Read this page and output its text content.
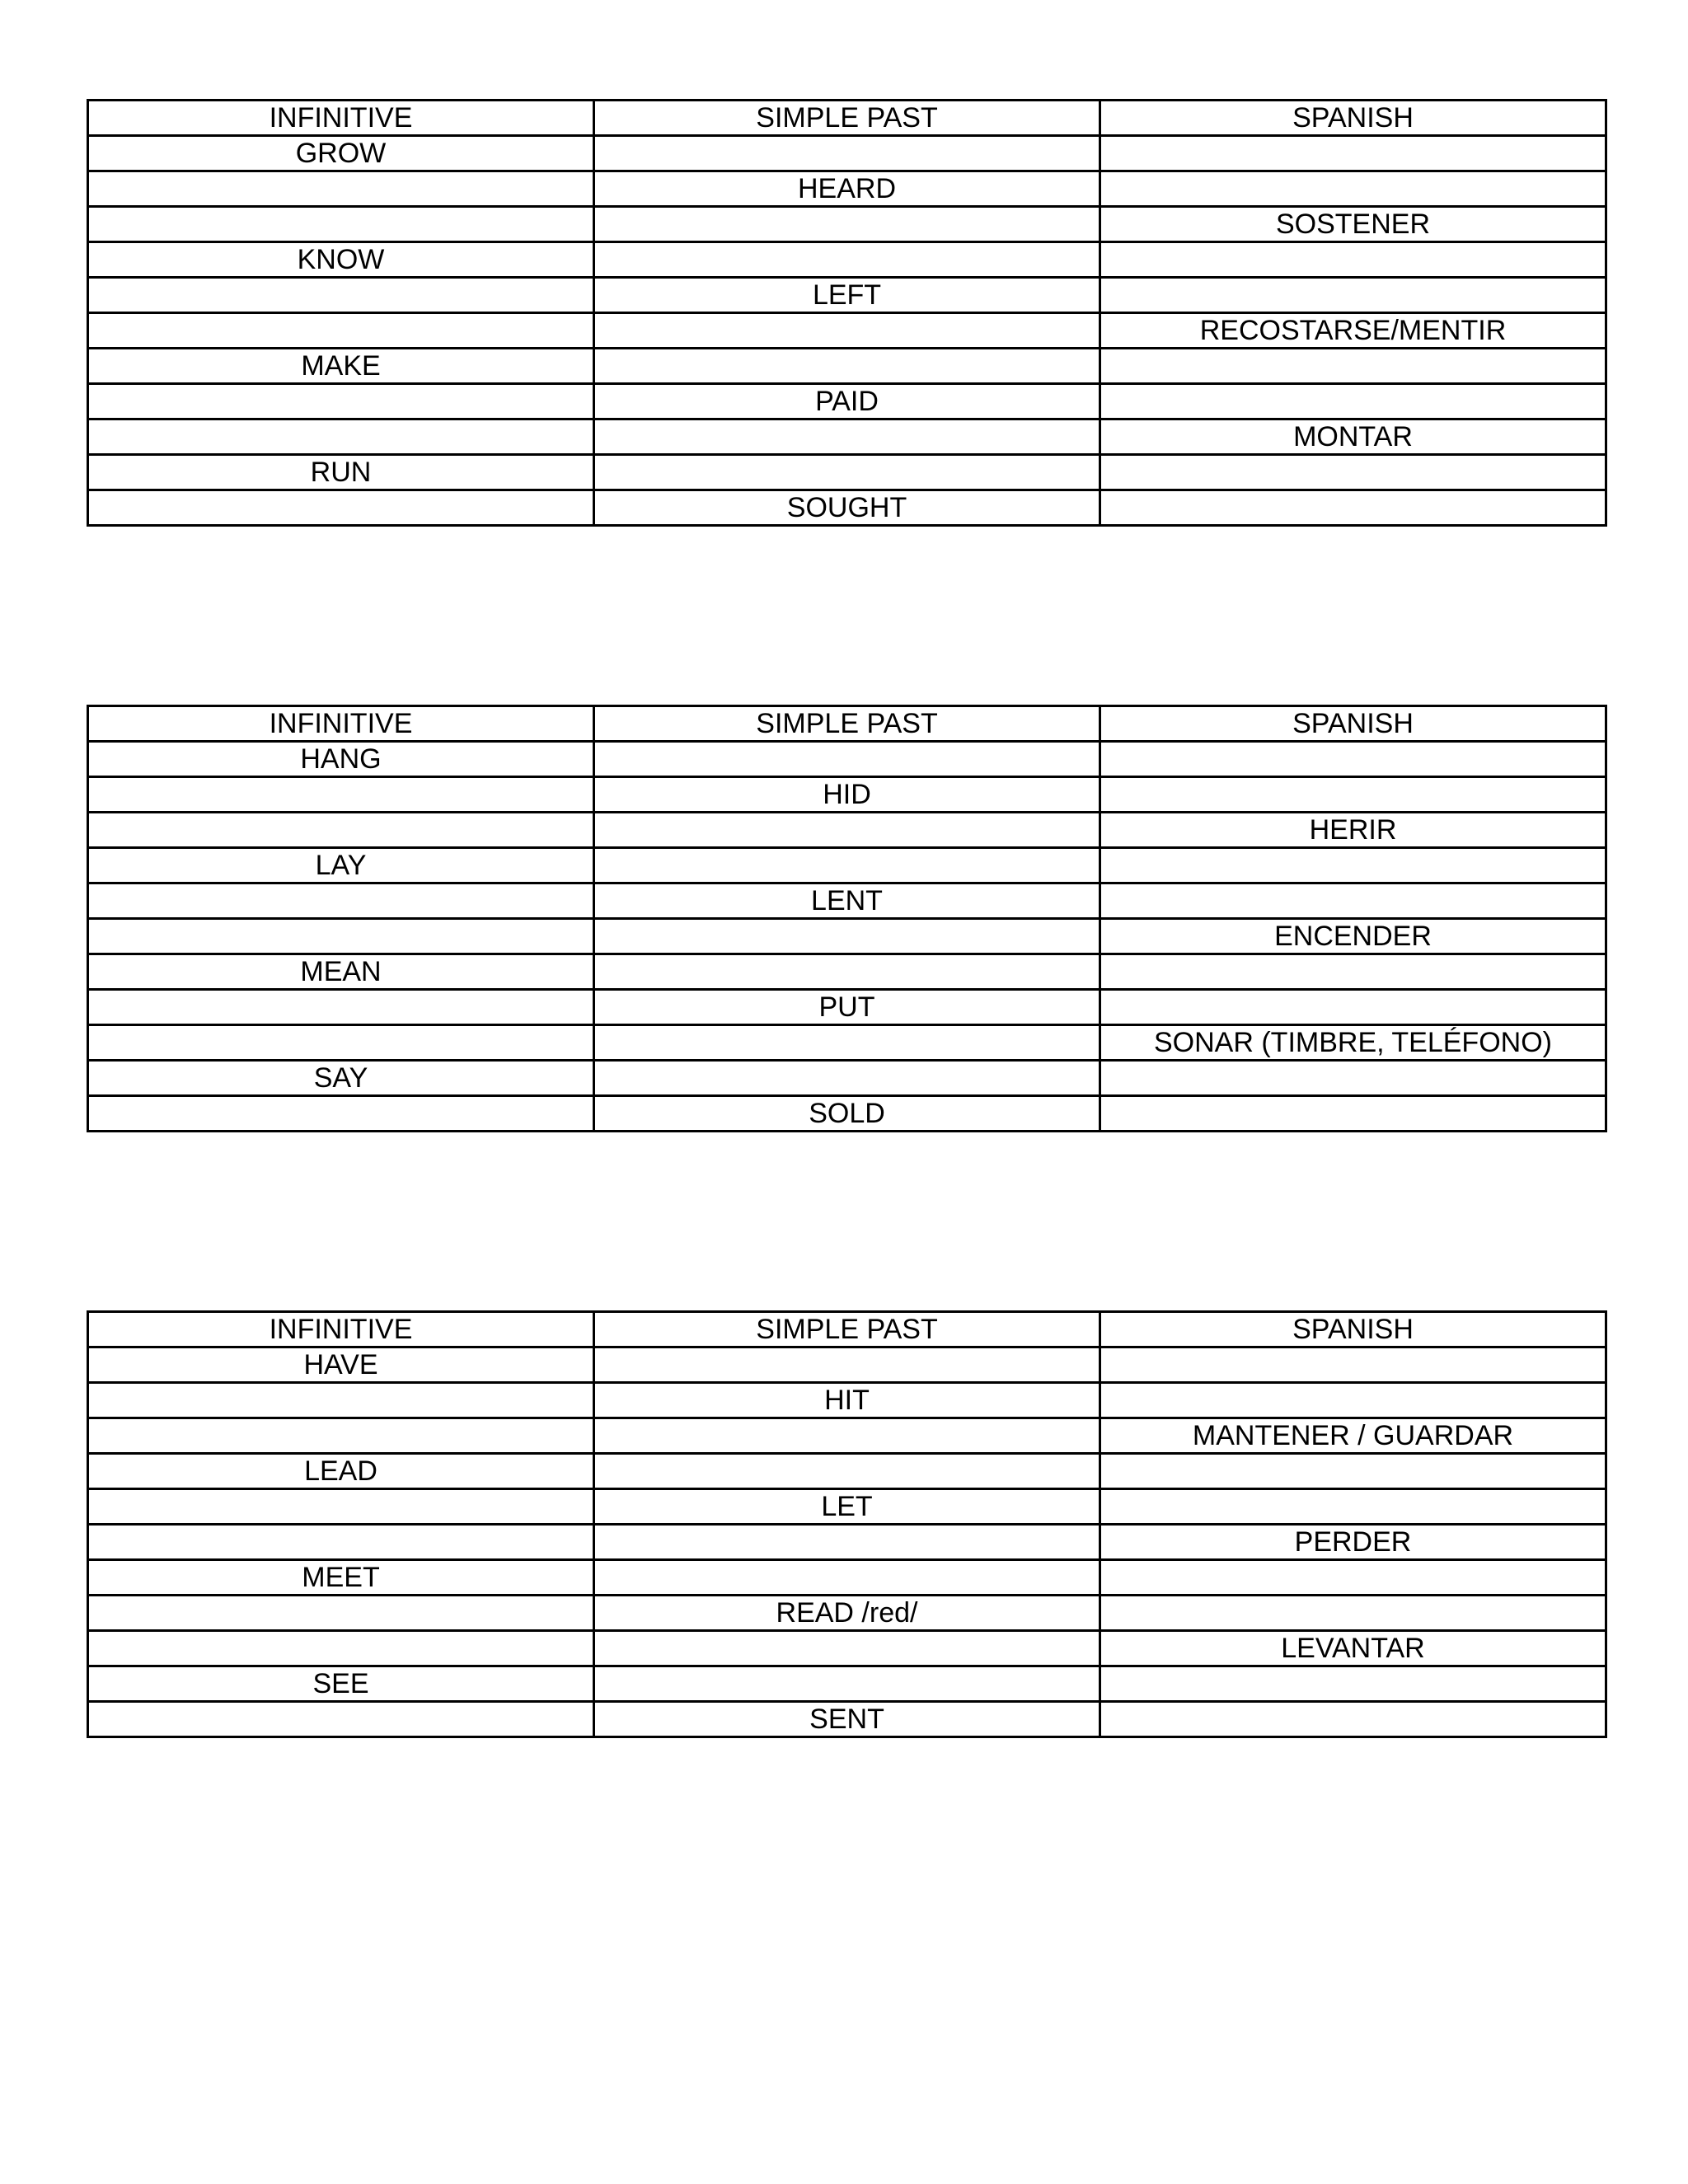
INFINITIVE	SIMPLE PAST	SPANISH
GROW		
	HEARD	
		SOSTENER
KNOW		
	LEFT	
		RECOSTARSE/MENTIR
MAKE		
	PAID	
		MONTAR
RUN		
	SOUGHT	
INFINITIVE	SIMPLE PAST	SPANISH
HANG		
	HID	
		HERIR
LAY		
	LENT	
		ENCENDER
MEAN		
	PUT	
		SONAR (TIMBRE, TELÉFONO)
SAY		
	SOLD	
INFINITIVE	SIMPLE PAST	SPANISH
HAVE		
	HIT	
		MANTENER / GUARDAR
LEAD		
	LET	
		PERDER
MEET		
	READ /red/	
		LEVANTAR
SEE		
	SENT	
